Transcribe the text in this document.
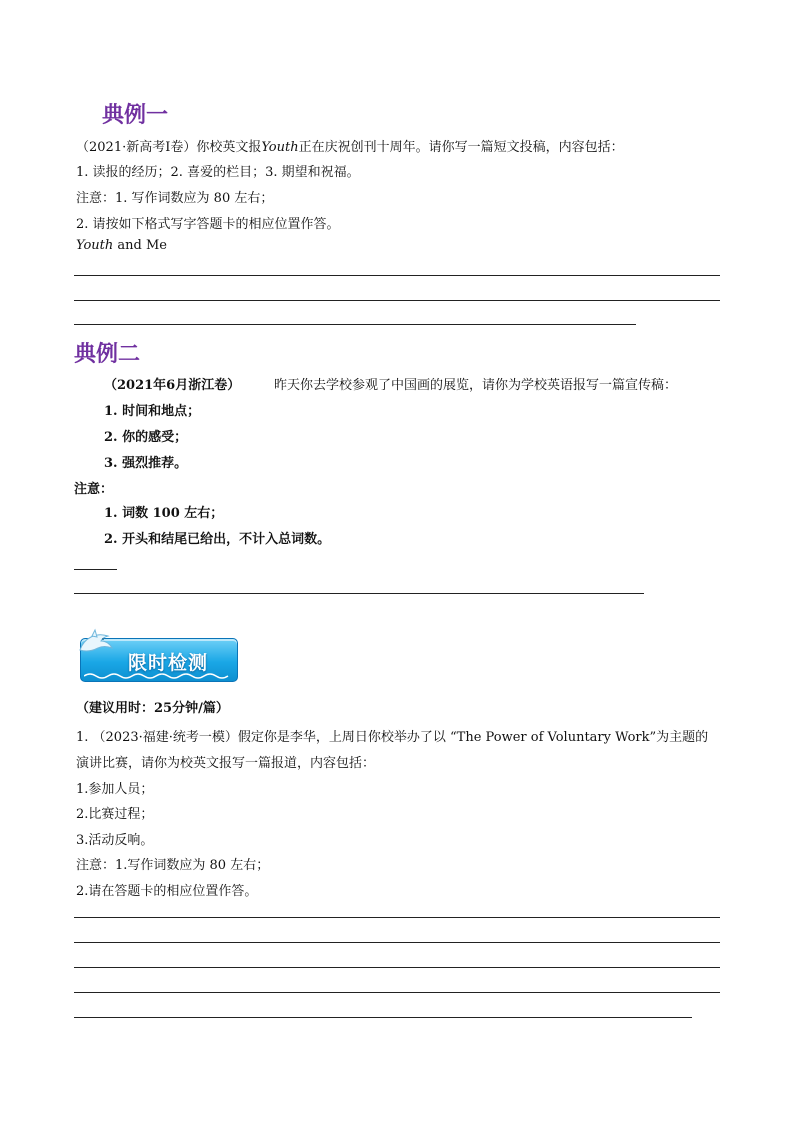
典例一
（2021·新高考Ⅰ卷）你校英文报Youth正在庆祝创刊十周年。请你写一篇短文投稿，内容包括：
1. 读报的经历；2. 喜爱的栏目；3. 期望和祝福。
注意：1. 写作词数应为 80 左右；
2. 请按如下格式写字答题卡的相应位置作答。
Youth and Me
典例二
（2021年6月浙江卷）	昨天你去学校参观了中国画的展览，请你为学校英语报写一篇宣传稿：
1. 时间和地点；
2. 你的感受；
3. 强烈推荐。
注意：
1. 词数 100 左右；
2. 开头和结尾已给出，不计入总词数。
限时检测
（建议用时：25分钟/篇）
1. （2023·福建·统考一模）假定你是李华，上周日你校举办了以 “The Power of Voluntary Work”为主题的
演讲比赛，请你为校英文报写一篇报道，内容包括：
1.参加人员；
2.比赛过程；
3.活动反响。
注意：1.写作词数应为 80 左右；
2.请在答题卡的相应位置作答。
